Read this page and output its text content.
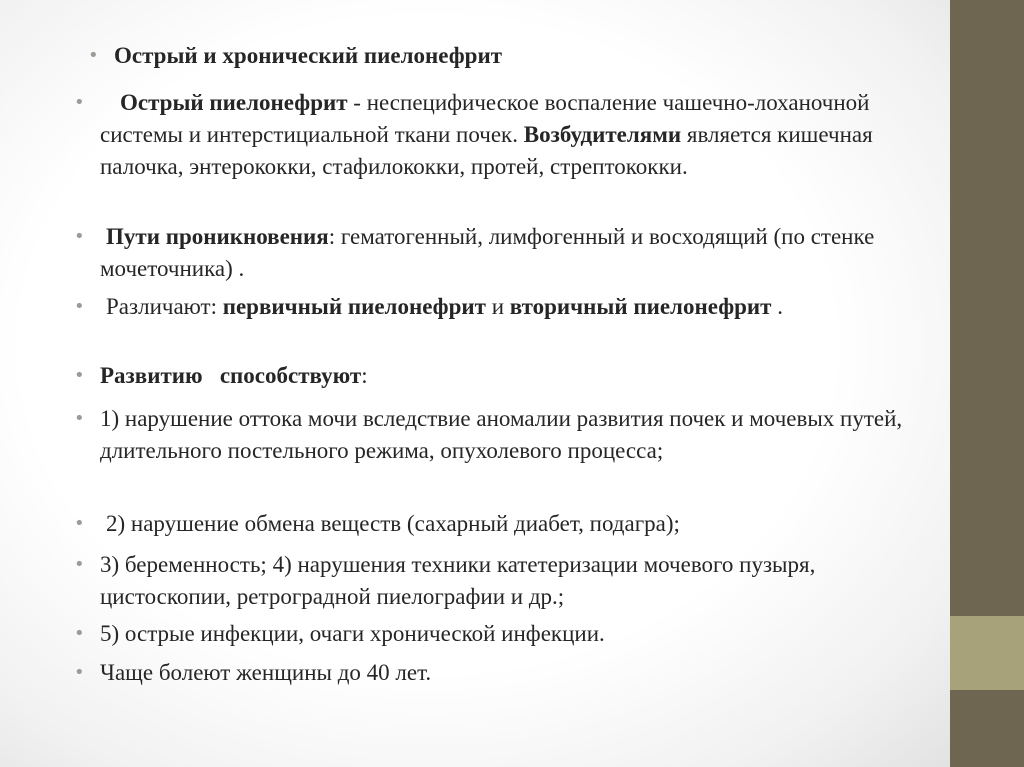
• Острый и хронический пиелонефрит

•	Острый пиелонефрит - неспецифическое воспаление чашечно-лоханочной системы и интерстициальной ткани почек. Возбудителями является кишечная палочка, энтерококки, стафилококки, протей, стрептококки.

• Пути проникновения: гематогенный, лимфогенный и восходящий (по стенке мочеточника) .

• Различают: первичный пиелонефрит и вторичный пиелонефрит .

• Развитию   способствуют:

• 1) нарушение оттока мочи вследствие аномалии развития почек и мочевых путей, длительного постельного режима, опухолевого процесса;

• 2) нарушение обмена веществ (сахарный диабет, подагра);

• 3) беременность; 4) нарушения техники катетеризации мочевого пузыря, цистоскопии, ретроградной пиелографии и др.;

• 5) острые инфекции, очаги хронической инфекции.

• Чаще болеют женщины до 40 лет.
